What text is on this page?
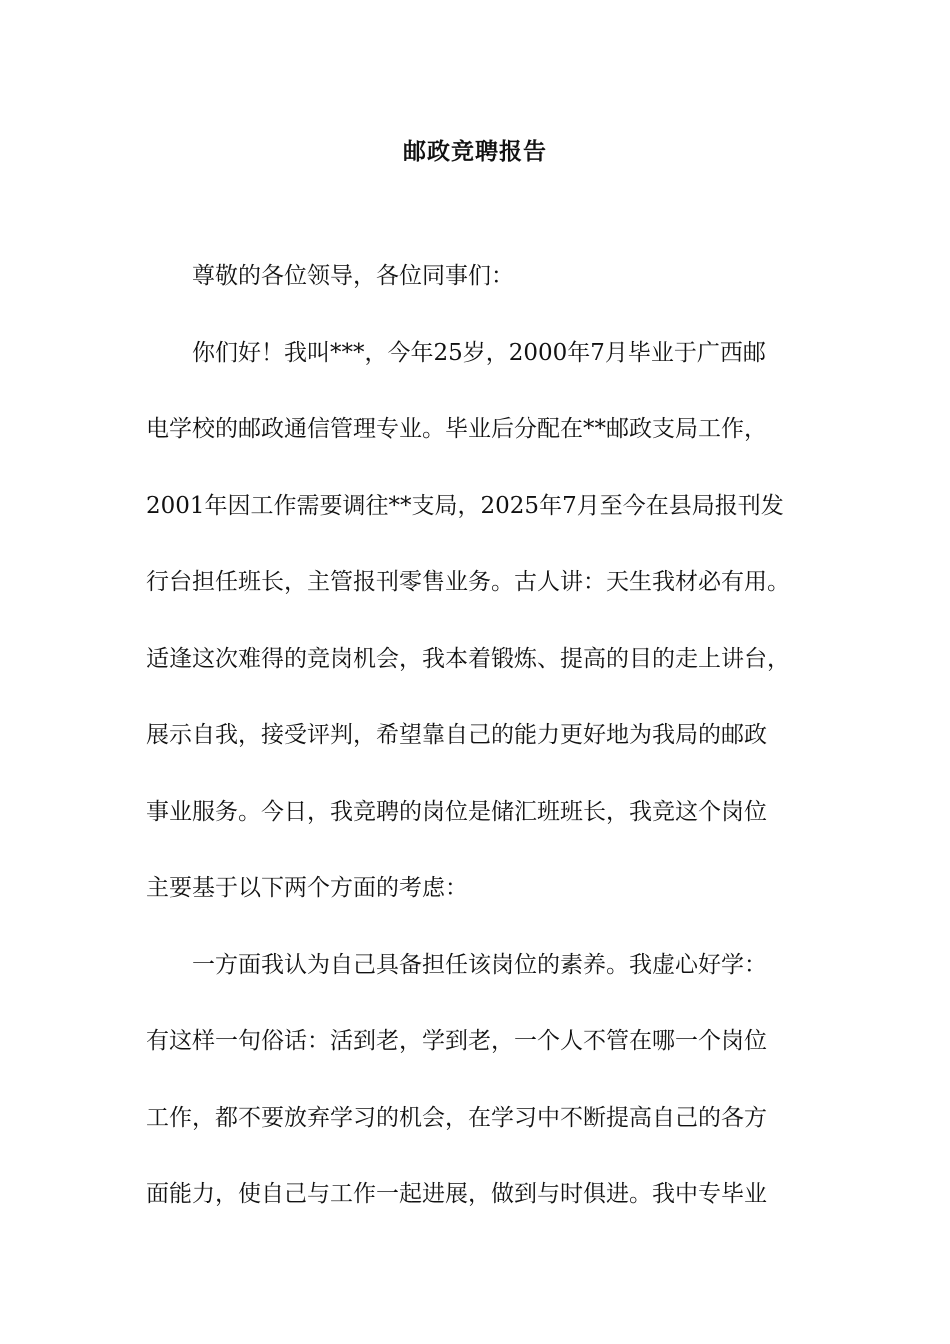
邮政竞聘报告
尊敬的各位领导，各位同事们：
你们好！我叫***，今年25岁，2000年7月毕业于广西邮
电学校的邮政通信管理专业。毕业后分配在**邮政支局工作，
2001年因工作需要调往**支局，2025年7月至今在县局报刊发
行台担任班长，主管报刊零售业务。古人讲：天生我材必有用。
适逢这次难得的竞岗机会，我本着锻炼、提高的目的走上讲台，
展示自我，接受评判，希望靠自己的能力更好地为我局的邮政
事业服务。今日，我竞聘的岗位是储汇班班长，我竞这个岗位
主要基于以下两个方面的考虑：
一方面我认为自己具备担任该岗位的素养。我虚心好学：
有这样一句俗话：活到老，学到老，一个人不管在哪一个岗位
工作，都不要放弃学习的机会，在学习中不断提高自己的各方
面能力，使自己与工作一起进展，做到与时俱进。我中专毕业
